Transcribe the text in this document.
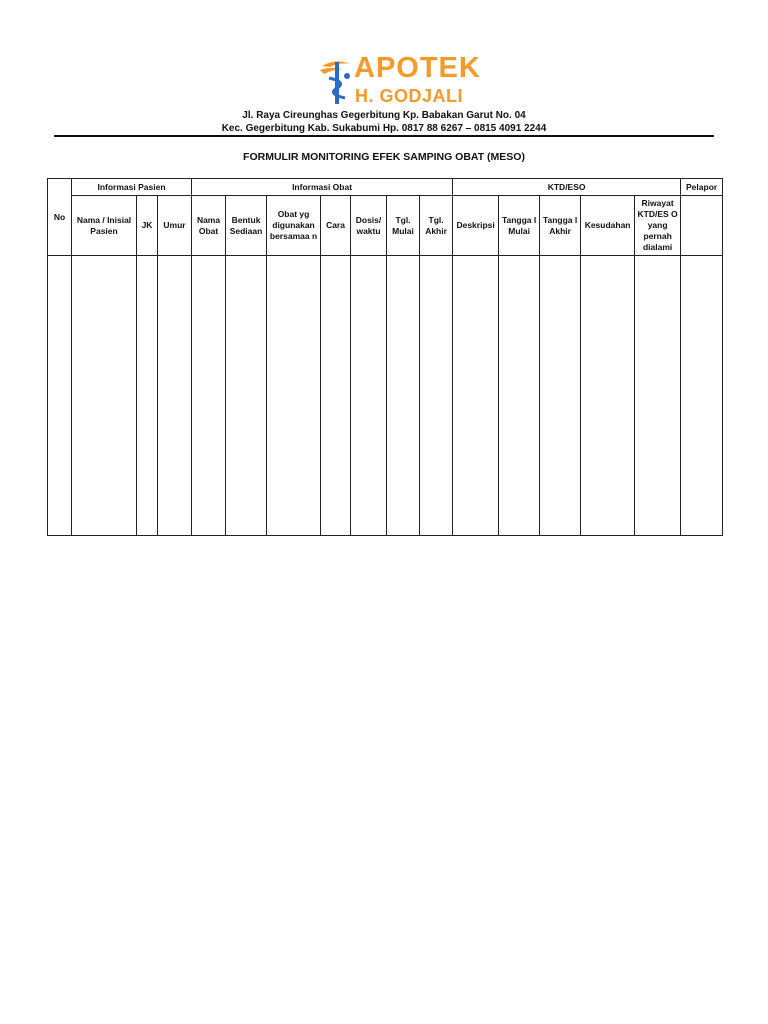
APOTEK
H. GODJALI
Jl. Raya Cireunghas Gegerbitung Kp. Babakan Garut No. 04
Kec. Gegerbitung Kab. Sukabumi Hp. 0817 88 6267 – 0815 4091 2244
FORMULIR MONITORING EFEK SAMPING OBAT (MESO)
No	Informasi Pasien			Informasi Obat							KTD/ESO					Pelapor
	Nama / Inisial Pasien	JK	Umur	Nama Obat	Bentuk Sediaan	Obat yg digunakan bersamaa n	Cara	Dosis/ waktu	Tgl. Mulai	Tgl. Akhir	Deskripsi	Tangga l Mulai	Tangga l Akhir	Kesudahan	Riwayat KTD/ES O yang pernah dialami	
